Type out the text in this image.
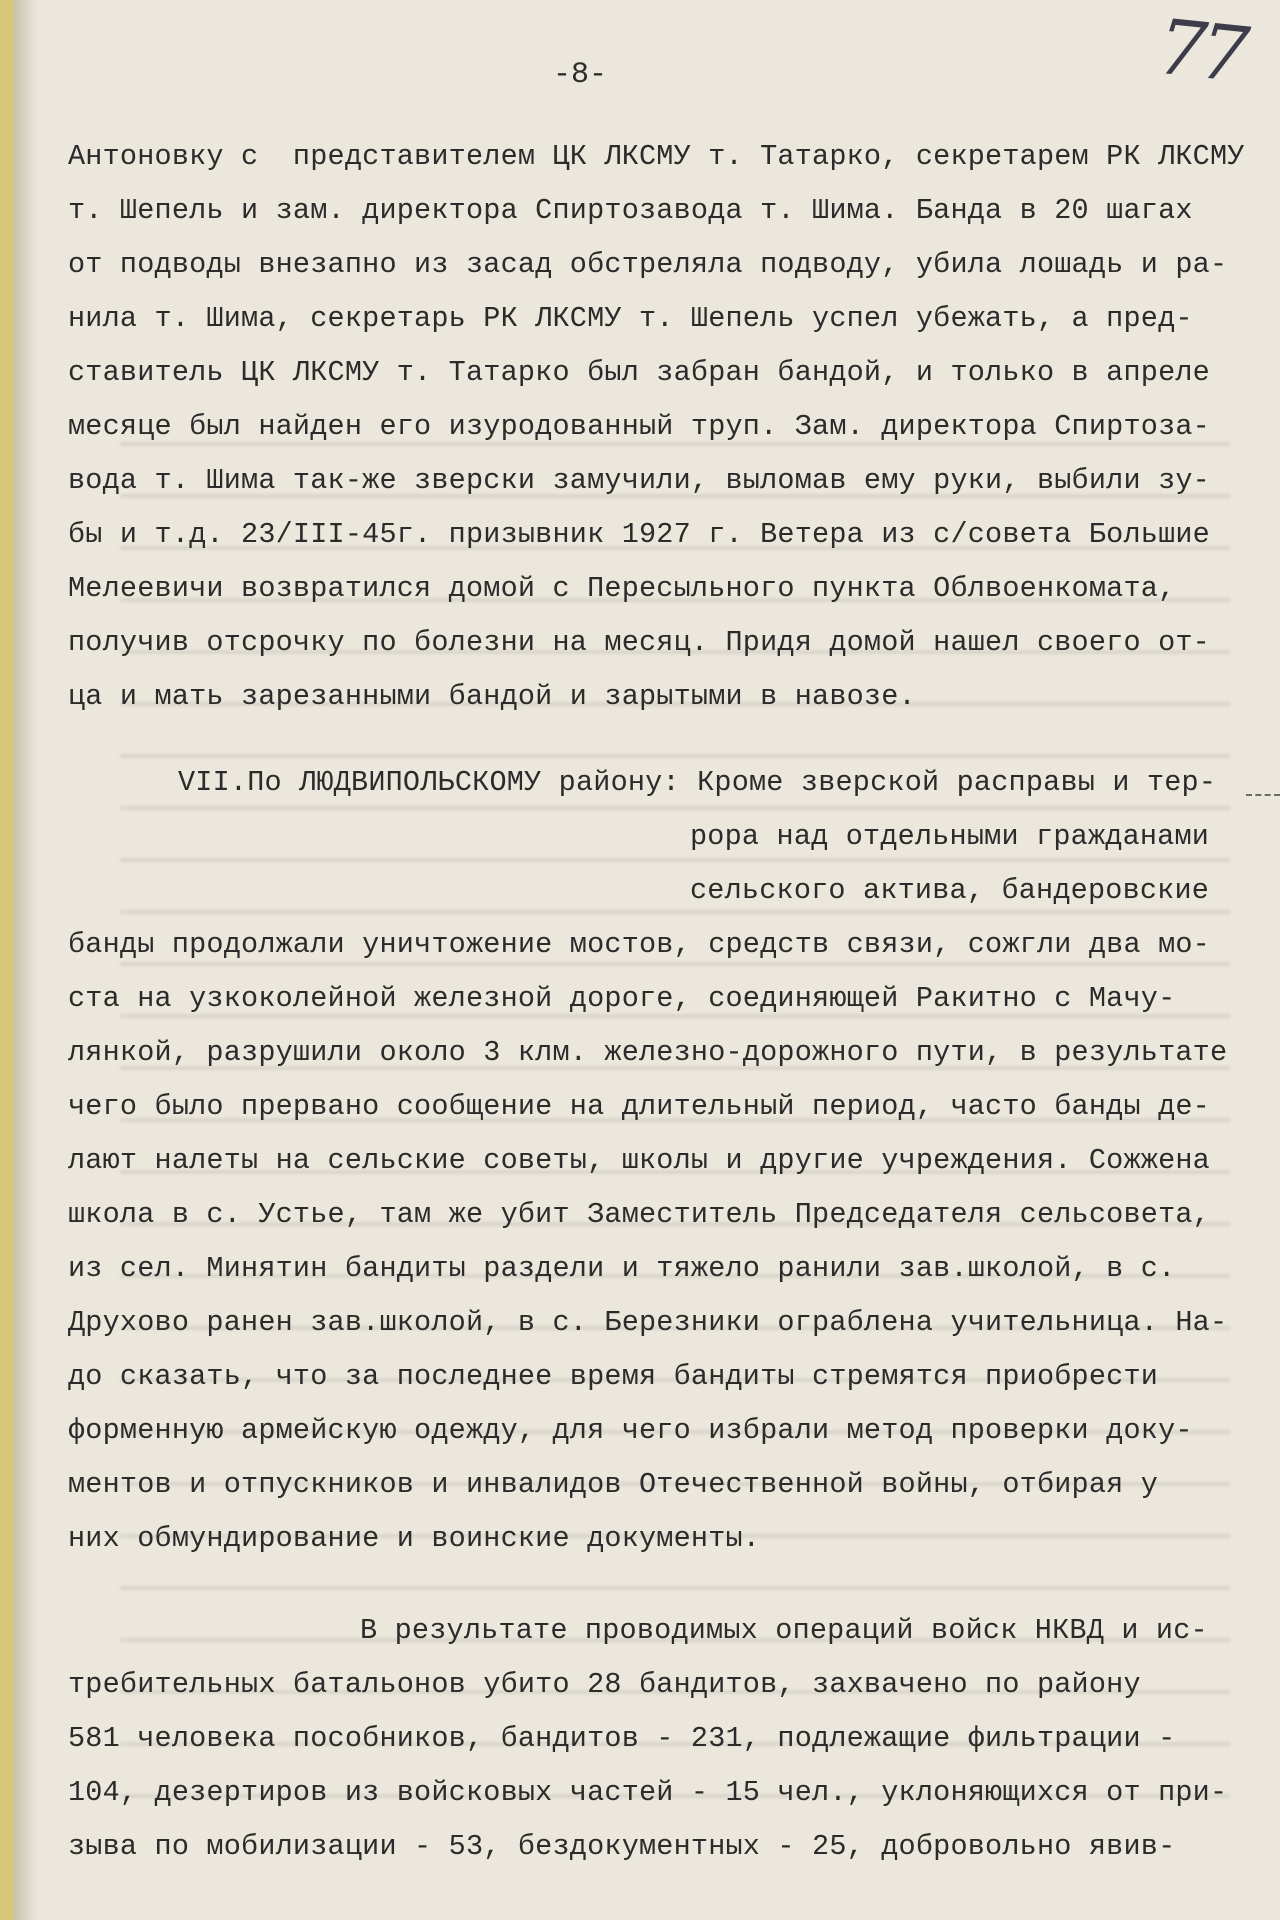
77
-8-
Антоновку с  представителем ЦК ЛКСМУ т. Татарко, секретарем РК ЛКСМУ
т. Шепель и зам. директора Спиртозавода т. Шима. Банда в 20 шагах
от подводы внезапно из засад обстреляла подводу, убила лошадь и ра-
нила т. Шима, секретарь РК ЛКСМУ т. Шепель успел убежать, а пред-
ставитель ЦК ЛКСМУ т. Татарко был забран бандой, и только в апреле
месяце был найден его изуродованный труп. Зам. директора Спиртоза-
вода т. Шима так-же зверски замучили, выломав ему руки, выбили зу-
бы и т.д. 23/III-45г. призывник 1927 г. Ветера из с/совета Большие
Мелеевичи возвратился домой с Пересыльного пункта Облвоенкомата,
получив отсрочку по болезни на месяц. Придя домой нашел своего от-
ца и мать зарезанными бандой и зарытыми в навозе.
VII.По ЛЮДВИПОЛЬСКОМУ району: Кроме зверской расправы и тер-
рора над отдельными гражданами
сельского актива, бандеровские
банды продолжали уничтожение мостов, средств связи, сожгли два мо-
ста на узкоколейной железной дороге, соединяющей Ракитно с Мачу-
лянкой, разрушили около 3 клм. железно-дорожного пути, в результате
чего было прервано сообщение на длительный период, часто банды де-
лают налеты на сельские советы, школы и другие учреждения. Сожжена
школа в с. Устье, там же убит Заместитель Председателя сельсовета,
из сел. Минятин бандиты раздели и тяжело ранили зав.школой, в с.
Друхово ранен зав.школой, в с. Березники ограблена учительница. На-
до сказать, что за последнее время бандиты стремятся приобрести
форменную армейскую одежду, для чего избрали метод проверки доку-
ментов и отпускников и инвалидов Отечественной войны, отбирая у
них обмундирование и воинские документы.
В результате проводимых операций войск НКВД и ис-
требительных батальонов убито 28 бандитов, захвачено по району
581 человека пособников, бандитов - 231, подлежащие фильтрации -
104, дезертиров из войсковых частей - 15 чел., уклоняющихся от при-
зыва по мобилизации - 53, бездокументных - 25, добровольно явив-
